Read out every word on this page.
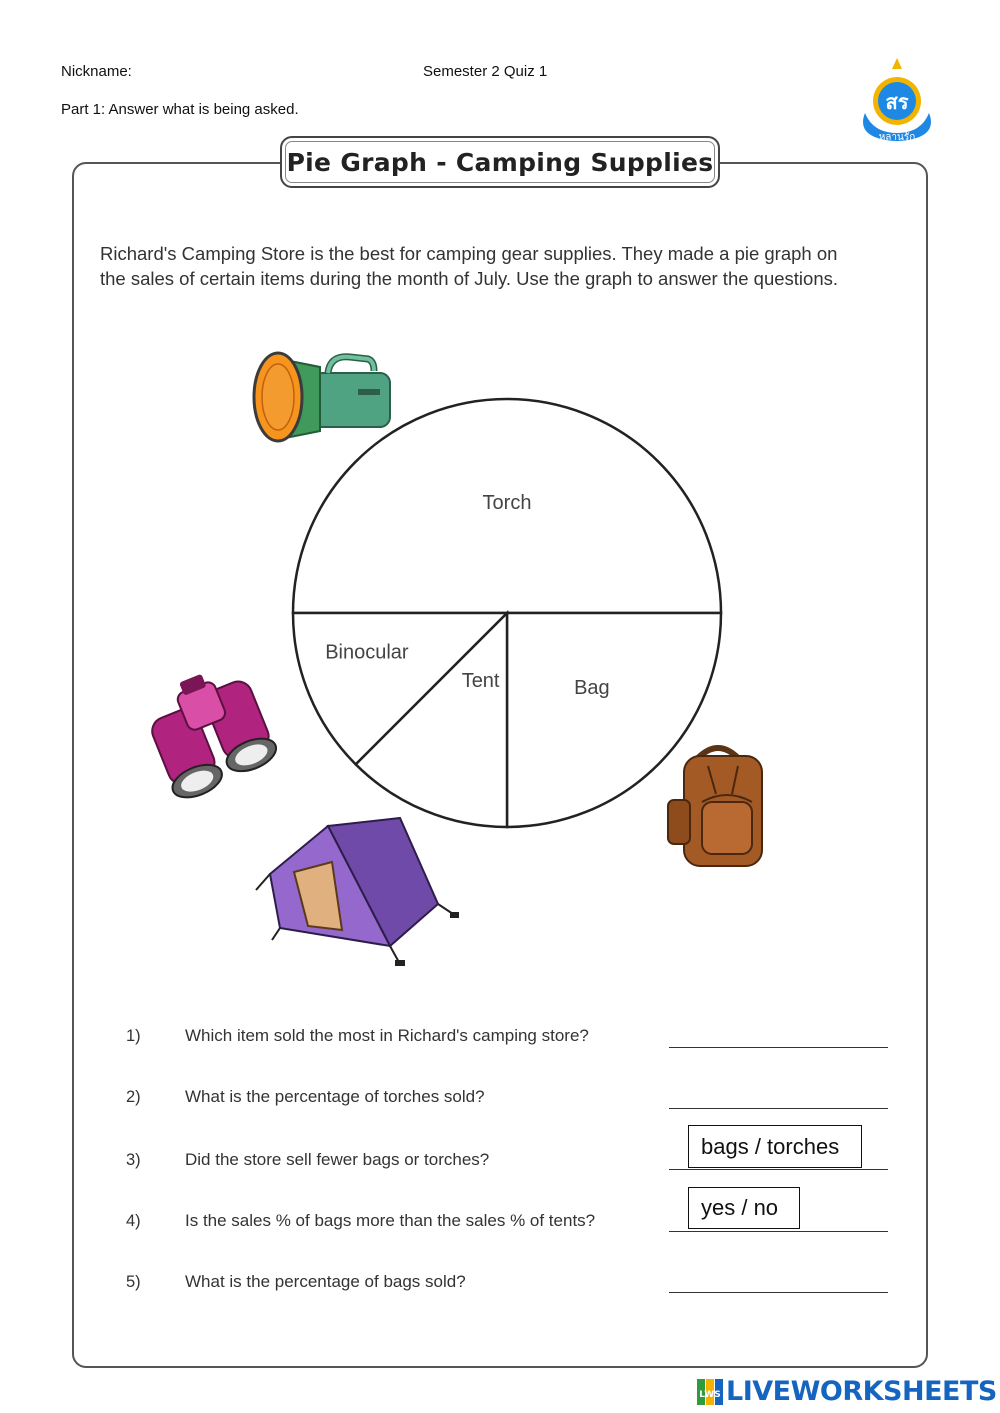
Nickname:	Semester 2 Quiz 1
Part 1: Answer what is being asked.	สร
หลานรัก
Pie Graph - Camping Supplies
Richard's Camping Store is the best for camping gear supplies. They made a pie graph on
the sales of certain items during the month of July. Use the graph to answer the questions.
Torch
Bag
Tent
Binocular
1)	Which item sold the most in Richard's camping store?
2)	What is the percentage of torches sold?
3)	Did the store sell fewer bags or torches?
bags / torches
4)	Is the sales % of bags more than the sales % of tents?
yes / no
5)	What is the percentage of bags sold?
LWS LIVEWORKSHEETS
